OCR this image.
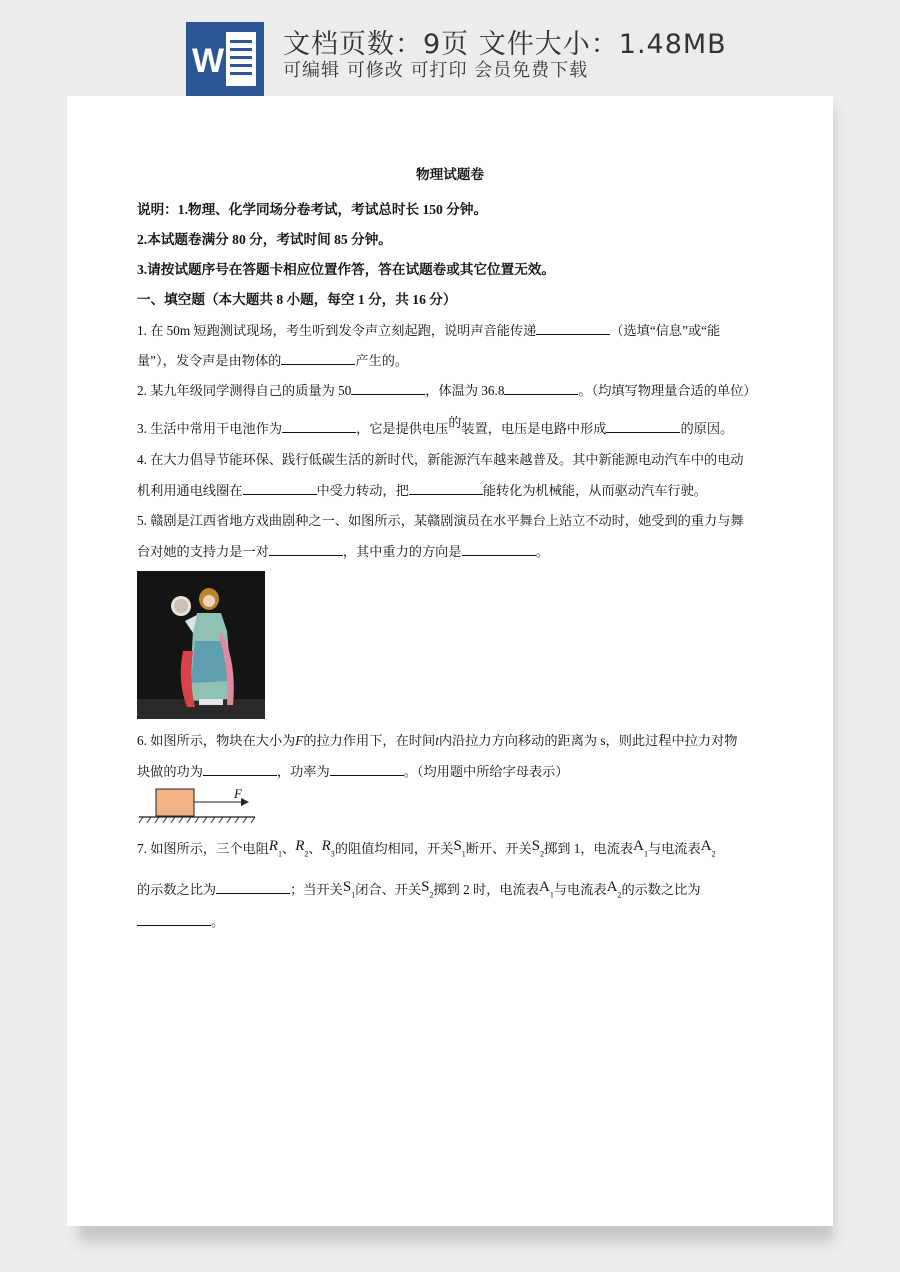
W 文档页数：9页 文件大小：1.48MB
可编辑 可修改 可打印 会员免费下载
物理试题卷
说明：1.物理、化学同场分卷考试，考试总时长 150 分钟。
2.本试题卷满分 80 分，考试时间 85 分钟。
3.请按试题序号在答题卡相应位置作答，答在试题卷或其它位置无效。
一、填空题（本大题共 8 小题，每空 1 分，共 16 分）
1. 在 50m 短跑测试现场，考生听到发令声立刻起跑，说明声音能传递	（选填“信息”或“能
量”），发令声是由物体的	产生的。
2. 某九年级同学测得自己的质量为 50	，体温为 36.8	。（均填写物理量合适的单位）
3. 生活中常用干电池作为	，它是提供电压的装置，电压是电路中形成	的原因。
4. 在大力倡导节能环保、践行低碳生活的新时代，新能源汽车越来越普及。其中新能源电动汽车中的电动
机利用通电线圈在	中受力转动，把	能转化为机械能，从而驱动汽车行驶。
5. 赣剧是江西省地方戏曲剧种之一、如图所示，某赣剧演员在水平舞台上站立不动时，她受到的重力与舞
台对她的支持力是一对	，其中重力的方向是	。
6. 如图所示，物块在大小为F的拉力作用下，在时间t内沿拉力方向移动的距离为 s，则此过程中拉力对物
块做的功为	，功率为	。（均用题中所给字母表示）
F
7. 如图所示，三个电阻$R_1$、$R_2$、$R_3$的阻值均相同，开关$S_1$断开、开关$S_2$掷到 1，电流表$A_1$与电流表$A_2$
的示数之比为	；当开关$S_1$闭合、开关$S_2$掷到 2 时，电流表$A_1$与电流表$A_2$的示数之比为
。
